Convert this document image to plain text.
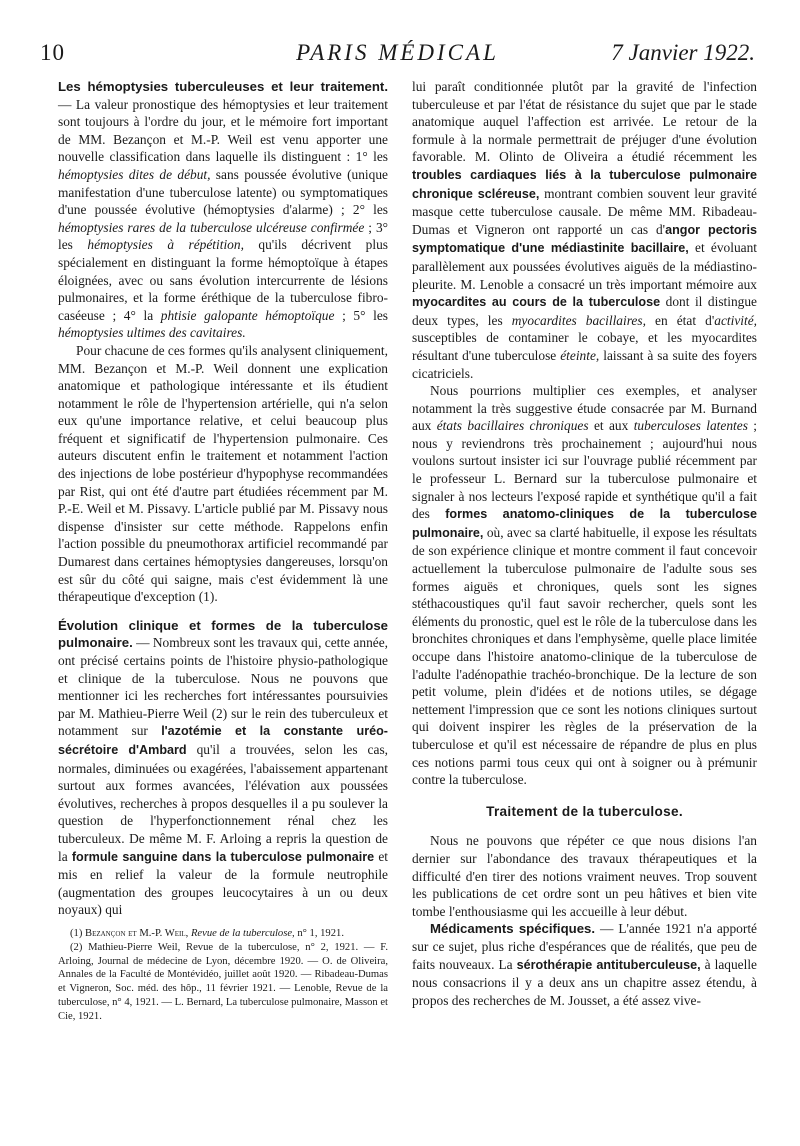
10	PARIS MÉDICAL	7 Janvier 1922.

Les hémoptysies tuberculeuses et leur traitement. — La valeur pronostique des hémoptysies et leur traitement sont toujours à l'ordre du jour, et le mémoire fort important de MM. Bezançon et M.-P. Weil est venu apporter une nouvelle classification dans laquelle ils distinguent : 1° les hémoptysies dites de début, sans poussée évolutive (unique manifestation d'une tuberculose latente) ou symptomatiques d'une poussée évolutive (hémoptysies d'alarme) ; 2° les hémoptysies rares de la tuberculose ulcéreuse confirmée ; 3° les hémoptysies à répétition, qu'ils décrivent plus spécialement en distinguant la forme hémoptoïque à étapes éloignées, avec ou sans évolution intercurrente de lésions pulmonaires, et la forme éréthique de la tuberculose fibro-caséeuse ; 4° la phtisie galopante hémoptoïque ; 5° les hémoptysies ultimes des cavitaires.

Pour chacune de ces formes qu'ils analysent cliniquement, MM. Bezançon et M.-P. Weil donnent une explication anatomique et pathologique intéressante et ils étudient notamment le rôle de l'hypertension artérielle, qui n'a selon eux qu'une importance relative, et celui beaucoup plus fréquent et significatif de l'hypertension pulmonaire. Ces auteurs discutent enfin le traitement et notamment l'action des injections de lobe postérieur d'hypophyse recommandées par Rist, qui ont été d'autre part étudiées récemment par M. P.-E. Weil et M. Pissavy. L'article publié par M. Pissavy nous dispense d'insister sur cette méthode. Rappelons enfin l'action possible du pneumothorax artificiel recommandé par Dumarest dans certaines hémoptysies dangereuses, lorsqu'on est sûr du côté qui saigne, mais c'est évidemment là une thérapeutique d'exception (1).

Évolution clinique et formes de la tuberculose pulmonaire. — Nombreux sont les travaux qui, cette année, ont précisé certains points de l'histoire physio-pathologique et clinique de la tuberculose. Nous ne pouvons que mentionner ici les recherches fort intéressantes poursuivies par M. Mathieu-Pierre Weil (2) sur le rein des tuberculeux et notamment sur l'azotémie et la constante uréo-sécrétoire d'Ambard qu'il a trouvées, selon les cas, normales, diminuées ou exagérées, l'abaissement appartenant surtout aux formes avancées, l'élévation aux poussées évolutives, recherches à propos desquelles il a pu soulever la question de l'hyperfonctionnement rénal chez les tuberculeux. De même M. F. Arloing a repris la question de la formule sanguine dans la tuberculose pulmonaire et mis en relief la valeur de la formule neutrophile (augmentation des groupes leucocytaires à un ou deux noyaux) qui

(1) Bezançon et M.-P. Weil, Revue de la tuberculose, n° 1, 1921.

(2) Mathieu-Pierre Weil, Revue de la tuberculose, n° 2, 1921. — F. Arloing, Journal de médecine de Lyon, décembre 1920. — O. de Oliveira, Annales de la Faculté de Montévidéo, juillet août 1920. — Ribadeau-Dumas et Vigneron, Soc. méd. des hôp., 11 février 1921. — Lenoble, Revue de la tuberculose, n° 4, 1921. — L. Bernard, La tuberculose pulmonaire, Masson et Cie, 1921.

lui paraît conditionnée plutôt par la gravité de l'infection tuberculeuse et par l'état de résistance du sujet que par le stade anatomique auquel l'affection est arrivée. Le retour de la formule à la normale permettrait de préjuger d'une évolution favorable. M. Olinto de Oliveira a étudié récemment les troubles cardiaques liés à la tuberculose pulmonaire chronique scléreuse, montrant combien souvent leur gravité masque cette tuberculose causale. De même MM. Ribadeau-Dumas et Vigneron ont rapporté un cas d'angor pectoris symptomatique d'une médiastinite bacillaire, et évoluant parallèlement aux poussées évolutives aiguës de la médiastino-pleurite. M. Lenoble a consacré un très important mémoire aux myocardites au cours de la tuberculose dont il distingue deux types, les myocardites bacillaires, en état d'activité, susceptibles de contaminer le cobaye, et les myocardites résultant d'une tuberculose éteinte, laissant à sa suite des foyers cicatriciels.

Nous pourrions multiplier ces exemples, et analyser notamment la très suggestive étude consacrée par M. Burnand aux états bacillaires chroniques et aux tuberculoses latentes ; nous y reviendrons très prochainement ; aujourd'hui nous voulons surtout insister ici sur l'ouvrage publié récemment par le professeur L. Bernard sur la tuberculose pulmonaire et signaler à nos lecteurs l'exposé rapide et synthétique qu'il a fait des formes anatomo-cliniques de la tuberculose pulmonaire, où, avec sa clarté habituelle, il expose les résultats de son expérience clinique et montre comment il faut concevoir actuellement la tuberculose pulmonaire de l'adulte sous ses formes aiguës et chroniques, quels sont les signes stéthacoustiques qu'il faut savoir rechercher, quels sont les éléments du pronostic, quel est le rôle de la tuberculose dans les bronchites chroniques et dans l'emphysème, quelle place limitée occupe dans l'histoire anatomo-clinique de la tuberculose de l'adulte l'adénopathie trachéo-bronchique. De la lecture de son petit volume, plein d'idées et de notions utiles, se dégage nettement l'impression que ce sont les notions cliniques surtout qui doivent inspirer les règles de la préservation de la tuberculose et qu'il est nécessaire de répandre de plus en plus ces notions parmi tous ceux qui ont à soigner ou à prémunir contre la tuberculose.

Traitement de la tuberculose.

Nous ne pouvons que répéter ce que nous disions l'an dernier sur l'abondance des travaux thérapeutiques et la difficulté d'en tirer des notions vraiment neuves. Trop souvent les publications de cet ordre sont un peu hâtives et bien vite tombe l'enthousiasme qui les accueille à leur début.

Médicaments spécifiques. — L'année 1921 n'a apporté sur ce sujet, plus riche d'espérances que de réalités, que peu de faits nouveaux. La sérothérapie antituberculeuse, à laquelle nous consacrions il y a deux ans un chapitre assez étendu, à propos des recherches de M. Jousset, a été assez vive-
